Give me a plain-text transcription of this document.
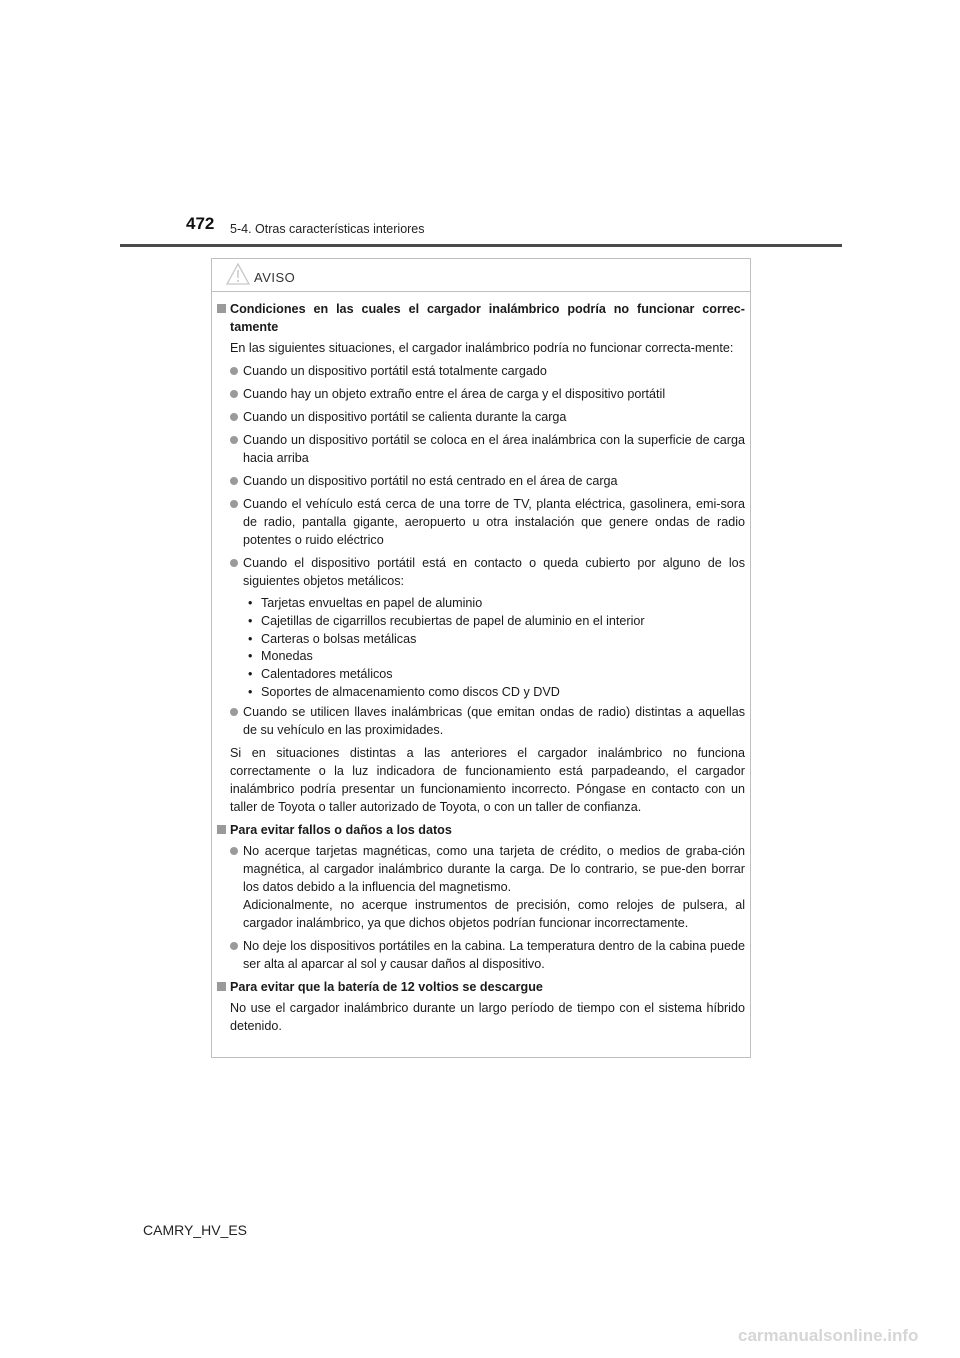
472 5-4. Otras características interiores
AVISO
Condiciones en las cuales el cargador inalámbrico podría no funcionar correc-tamente
En las siguientes situaciones, el cargador inalámbrico podría no funcionar correcta-mente:
Cuando un dispositivo portátil está totalmente cargado
Cuando hay un objeto extraño entre el área de carga y el dispositivo portátil
Cuando un dispositivo portátil se calienta durante la carga
Cuando un dispositivo portátil se coloca en el área inalámbrica con la superficie de carga hacia arriba
Cuando un dispositivo portátil no está centrado en el área de carga
Cuando el vehículo está cerca de una torre de TV, planta eléctrica, gasolinera, emi-sora de radio, pantalla gigante, aeropuerto u otra instalación que genere ondas de radio potentes o ruido eléctrico
Cuando el dispositivo portátil está en contacto o queda cubierto por alguno de los siguientes objetos metálicos:
• Tarjetas envueltas en papel de aluminio
• Cajetillas de cigarrillos recubiertas de papel de aluminio en el interior
• Carteras o bolsas metálicas
• Monedas
• Calentadores metálicos
• Soportes de almacenamiento como discos CD y DVD
Cuando se utilicen llaves inalámbricas (que emitan ondas de radio) distintas a aquellas de su vehículo en las proximidades.
Si en situaciones distintas a las anteriores el cargador inalámbrico no funciona correctamente o la luz indicadora de funcionamiento está parpadeando, el cargador inalámbrico podría presentar un funcionamiento incorrecto. Póngase en contacto con un taller de Toyota o taller autorizado de Toyota, o con un taller de confianza.
Para evitar fallos o daños a los datos
No acerque tarjetas magnéticas, como una tarjeta de crédito, o medios de graba-ción magnética, al cargador inalámbrico durante la carga. De lo contrario, se pue-den borrar los datos debido a la influencia del magnetismo.
Adicionalmente, no acerque instrumentos de precisión, como relojes de pulsera, al cargador inalámbrico, ya que dichos objetos podrían funcionar incorrectamente.
No deje los dispositivos portátiles en la cabina. La temperatura dentro de la cabina puede ser alta al aparcar al sol y causar daños al dispositivo.
Para evitar que la batería de 12 voltios se descargue
No use el cargador inalámbrico durante un largo período de tiempo con el sistema híbrido detenido.
CAMRY_HV_ES
carmanualsonline.info
